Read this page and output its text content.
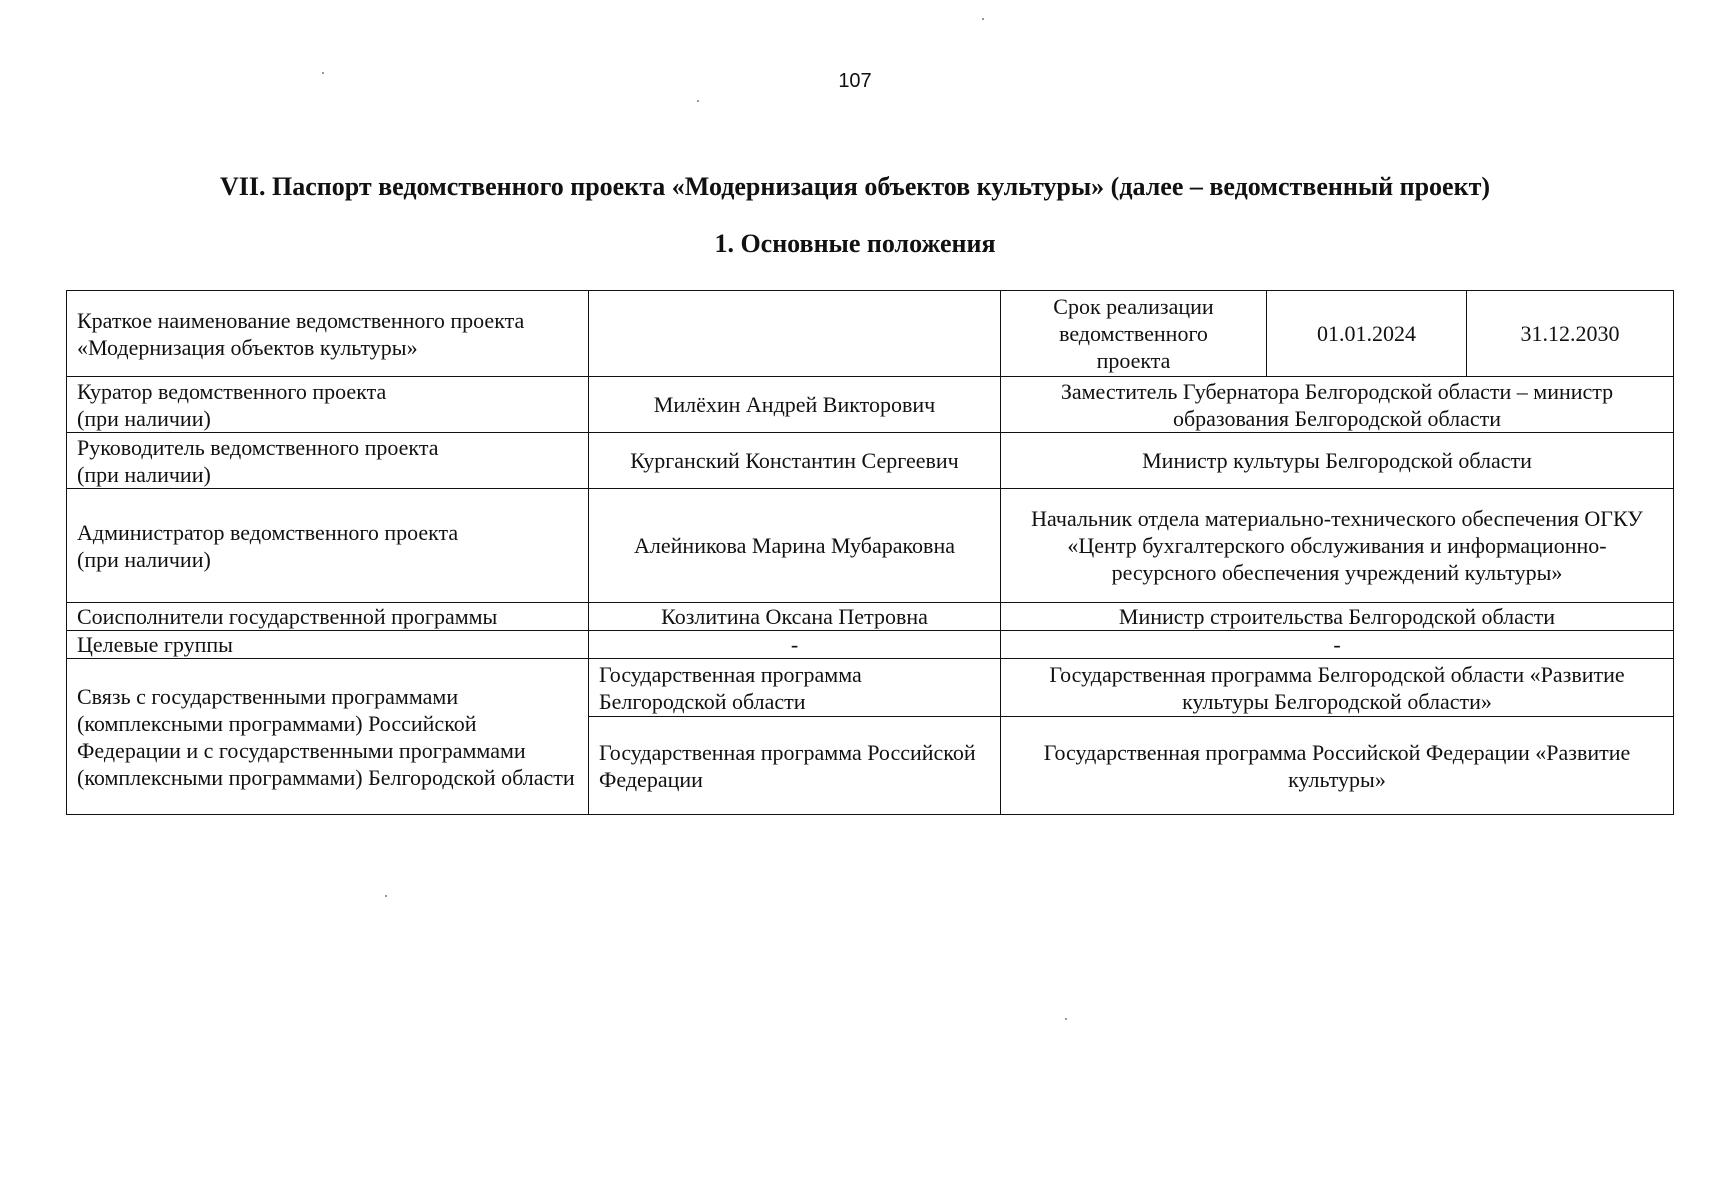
107
VII. Паспорт ведомственного проекта «Модернизация объектов культуры» (далее – ведомственный проект)
1. Основные положения
Краткое наименование ведомственного проекта «Модернизация объектов культуры»		Срок реализации ведомственного проекта	01.01.2024	31.12.2030

Куратор ведомственного проекта
(при наличии)	Милёхин Андрей Викторович	Заместитель Губернатора Белгородской области – министр образования Белгородской области		

Руководитель ведомственного проекта
(при наличии)	Курганский Константин Сергеевич	Министр культуры Белгородской области		

Администратор ведомственного проекта
(при наличии)	Алейникова Марина Мубараковна	Начальник отдела материально-технического обеспечения ОГКУ «Центр бухгалтерского обслуживания и информационно-ресурсного обеспечения учреждений культуры»		
Соисполнители государственной программы	Козлитина Оксана Петровна	Министр строительства Белгородской области		
Целевые группы	-	-		
Связь с государственными программами (комплексными программами) Российской Федерации и с государственными программами (комплексными программами) Белгородской области	Государственная программа Белгородской области	Государственная программа Белгородской области «Развитие культуры Белгородской области»		
	Государственная программа Российской Федерации	Государственная программа Российской Федерации «Развитие культуры»		
